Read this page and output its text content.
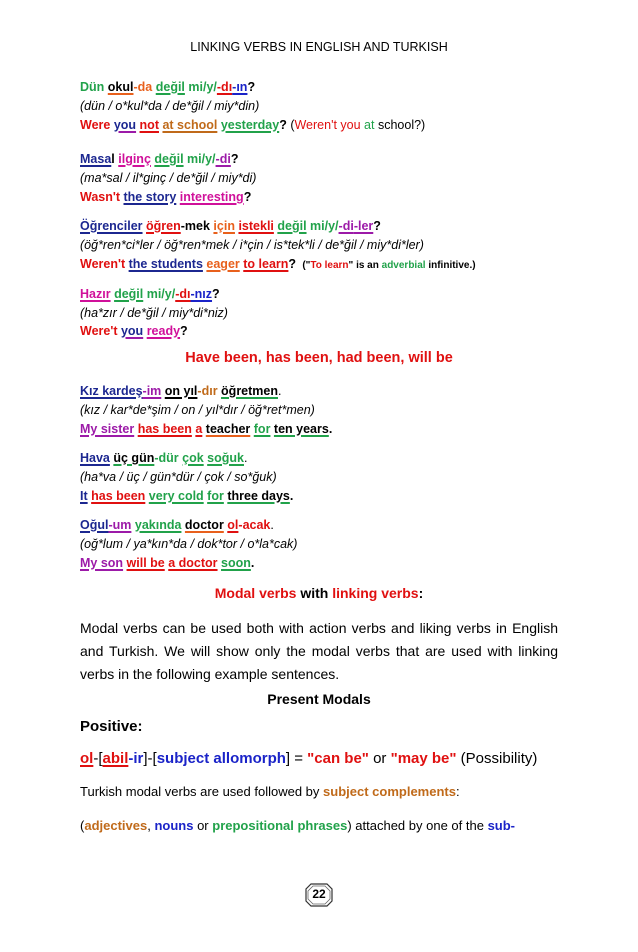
LINKING VERBS IN ENGLISH AND TURKISH
Dün okul-da değil mi/y/-dı-ın?
(dün / o*kul*da / de*ğil / miy*din)
Were you not at school yesterday? (Weren't you at school?)
Masal ilginç değil mi/y/-di?
(ma*sal / il*ginç / de*ğil / miy*di)
Wasn't the story interesting?
Öğrenciler öğren-mek için istekli değil mi/y/-di-ler?
(öğ*ren*ci*ler / öğ*ren*mek / i*çin / is*tek*li / de*ğil / miy*di*ler)
Weren't the students eager to learn? ("To learn" is an adverbial infinitive.)
Hazır değil mi/y/-dı-nız?
(ha*zır / de*ğil / miy*di*niz)
Were't you ready?
Have been, has been, had been, will be
Kız kardeş-im on yıl-dır öğretmen.
(kız / kar*de*şim / on / yıl*dır / öğ*ret*men)
My sister has been a teacher for ten years.
Hava üç gün-dür çok soğuk.
(ha*va / üç / gün*dür / çok / so*ğuk)
It has been very cold for three days.
Oğul-um yakında doctor ol-acak.
(oğ*lum / ya*kın*da / dok*tor / o*la*cak)
My son will be a doctor soon.
Modal verbs with linking verbs:
Modal verbs can be used both with action verbs and liking verbs in English and Turkish. We will show only the modal verbs that are used with linking verbs in the following example sentences.
Present Modals
Positive:
ol-[abil-ir]-[subject allomorph] = "can be" or "may be" (Possibility)
Turkish modal verbs are used followed by subject complements:
(adjectives, nouns or prepositional phrases) attached by one of the sub-
22
